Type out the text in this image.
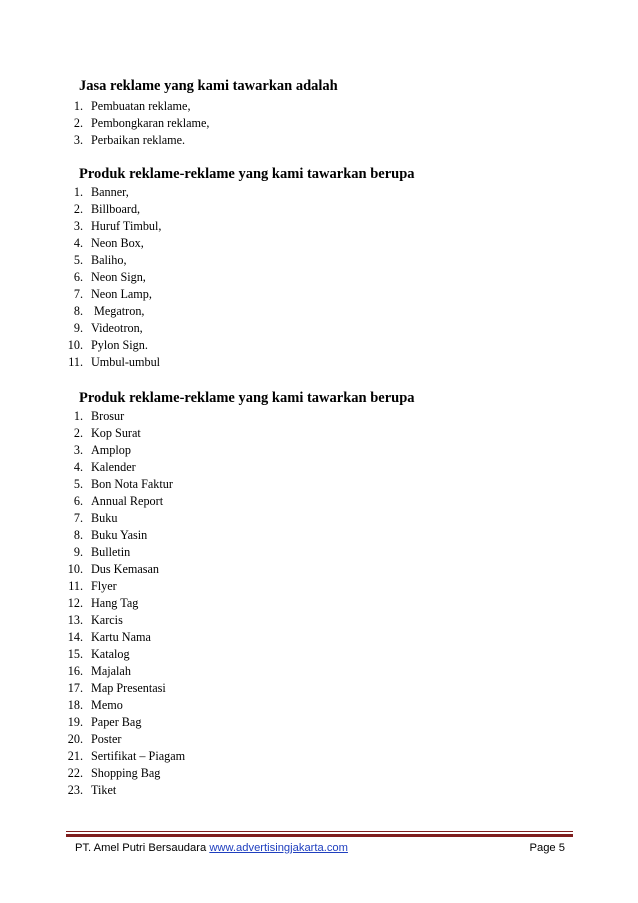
Jasa reklame yang kami tawarkan adalah
1. Pembuatan reklame,
2. Pembongkaran reklame,
3. Perbaikan reklame.
Produk reklame-reklame yang kami tawarkan berupa
1. Banner,
2. Billboard,
3. Huruf Timbul,
4. Neon Box,
5. Baliho,
6. Neon Sign,
7. Neon Lamp,
8. Megatron,
9. Videotron,
10. Pylon Sign.
11. Umbul-umbul
Produk reklame-reklame yang kami tawarkan berupa
1. Brosur
2. Kop Surat
3. Amplop
4. Kalender
5. Bon Nota Faktur
6. Annual Report
7. Buku
8. Buku Yasin
9. Bulletin
10. Dus Kemasan
11. Flyer
12. Hang Tag
13. Karcis
14. Kartu Nama
15. Katalog
16. Majalah
17. Map Presentasi
18. Memo
19. Paper Bag
20. Poster
21. Sertifikat – Piagam
22. Shopping Bag
23. Tiket
PT. Amel Putri Bersaudara www.advertisingjakarta.com	Page 5
